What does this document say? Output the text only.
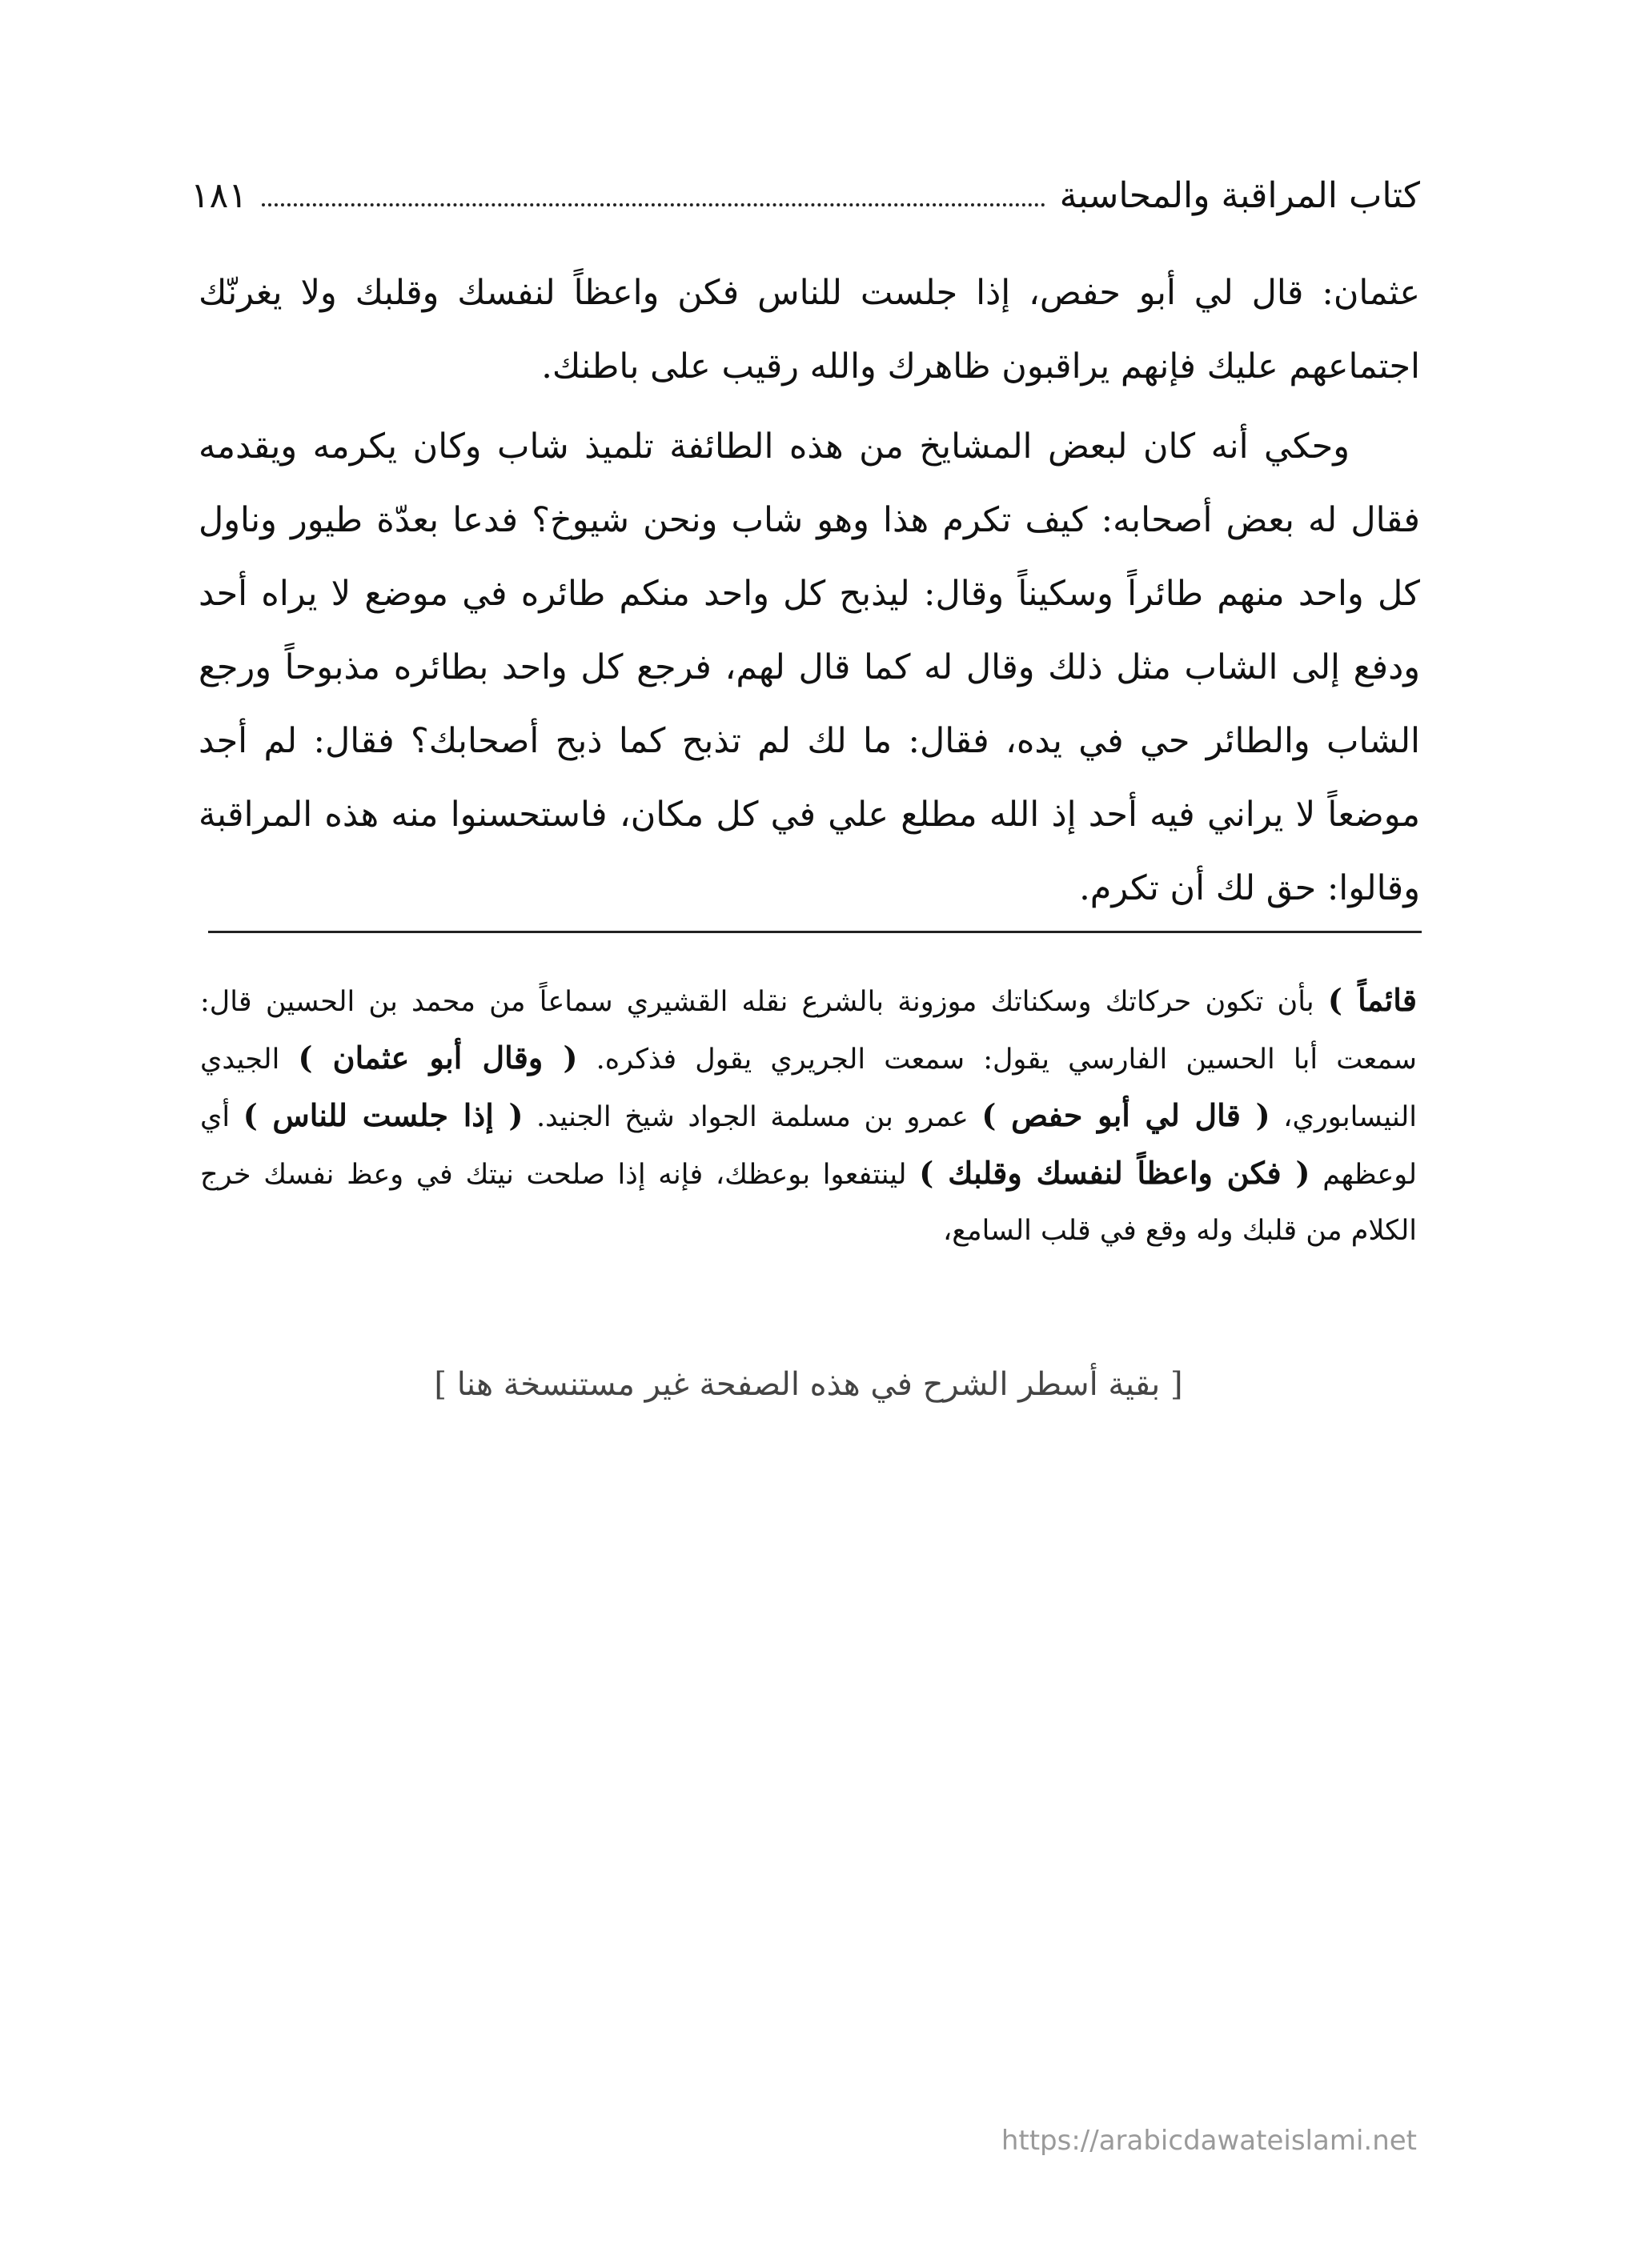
كتاب المراقبة والمحاسبة
١٨١

عثمان: قال لي أبو حفص، إذا جلست للناس فكن واعظاً لنفسك وقلبك ولا يغرنّك اجتماعهم عليك فإنهم يراقبون ظاهرك والله رقيب على باطنك.

وحكي أنه كان لبعض المشايخ من هذه الطائفة تلميذ شاب وكان يكرمه ويقدمه فقال له بعض أصحابه: كيف تكرم هذا وهو شاب ونحن شيوخ؟ فدعا بعدّة طيور وناول كل واحد منهم طائراً وسكيناً وقال: ليذبح كل واحد منكم طائره في موضع لا يراه أحد ودفع إلى الشاب مثل ذلك وقال له كما قال لهم، فرجع كل واحد بطائره مذبوحاً ورجع الشاب والطائر حي في يده، فقال: ما لك لم تذبح كما ذبح أصحابك؟ فقال: لم أجد موضعاً لا يراني فيه أحد إذ الله مطلع علي في كل مكان، فاستحسنوا منه هذه المراقبة وقالوا: حق لك أن تكرم.

قائماً ) بأن تكون حركاتك وسكناتك موزونة بالشرع نقله القشيري سماعاً من محمد بن الحسين قال: سمعت أبا الحسين الفارسي يقول: سمعت الجريري يقول فذكره. ( وقال أبو عثمان ) الجيدي النيسابوري، ( قال لي أبو حفص ) عمرو بن مسلمة الجواد شيخ الجنيد. ( إذا جلست للناس ) أي لوعظهم ( فكن واعظاً لنفسك وقلبك ) لينتفعوا بوعظك، فإنه إذا صلحت نيتك في وعظ نفسك خرج الكلام من قلبك وله وقع في قلب السامع،

[ بقية أسطر الشرح في هذه الصفحة غير مستنسخة هنا ]
https://arabicdawateislami.net
